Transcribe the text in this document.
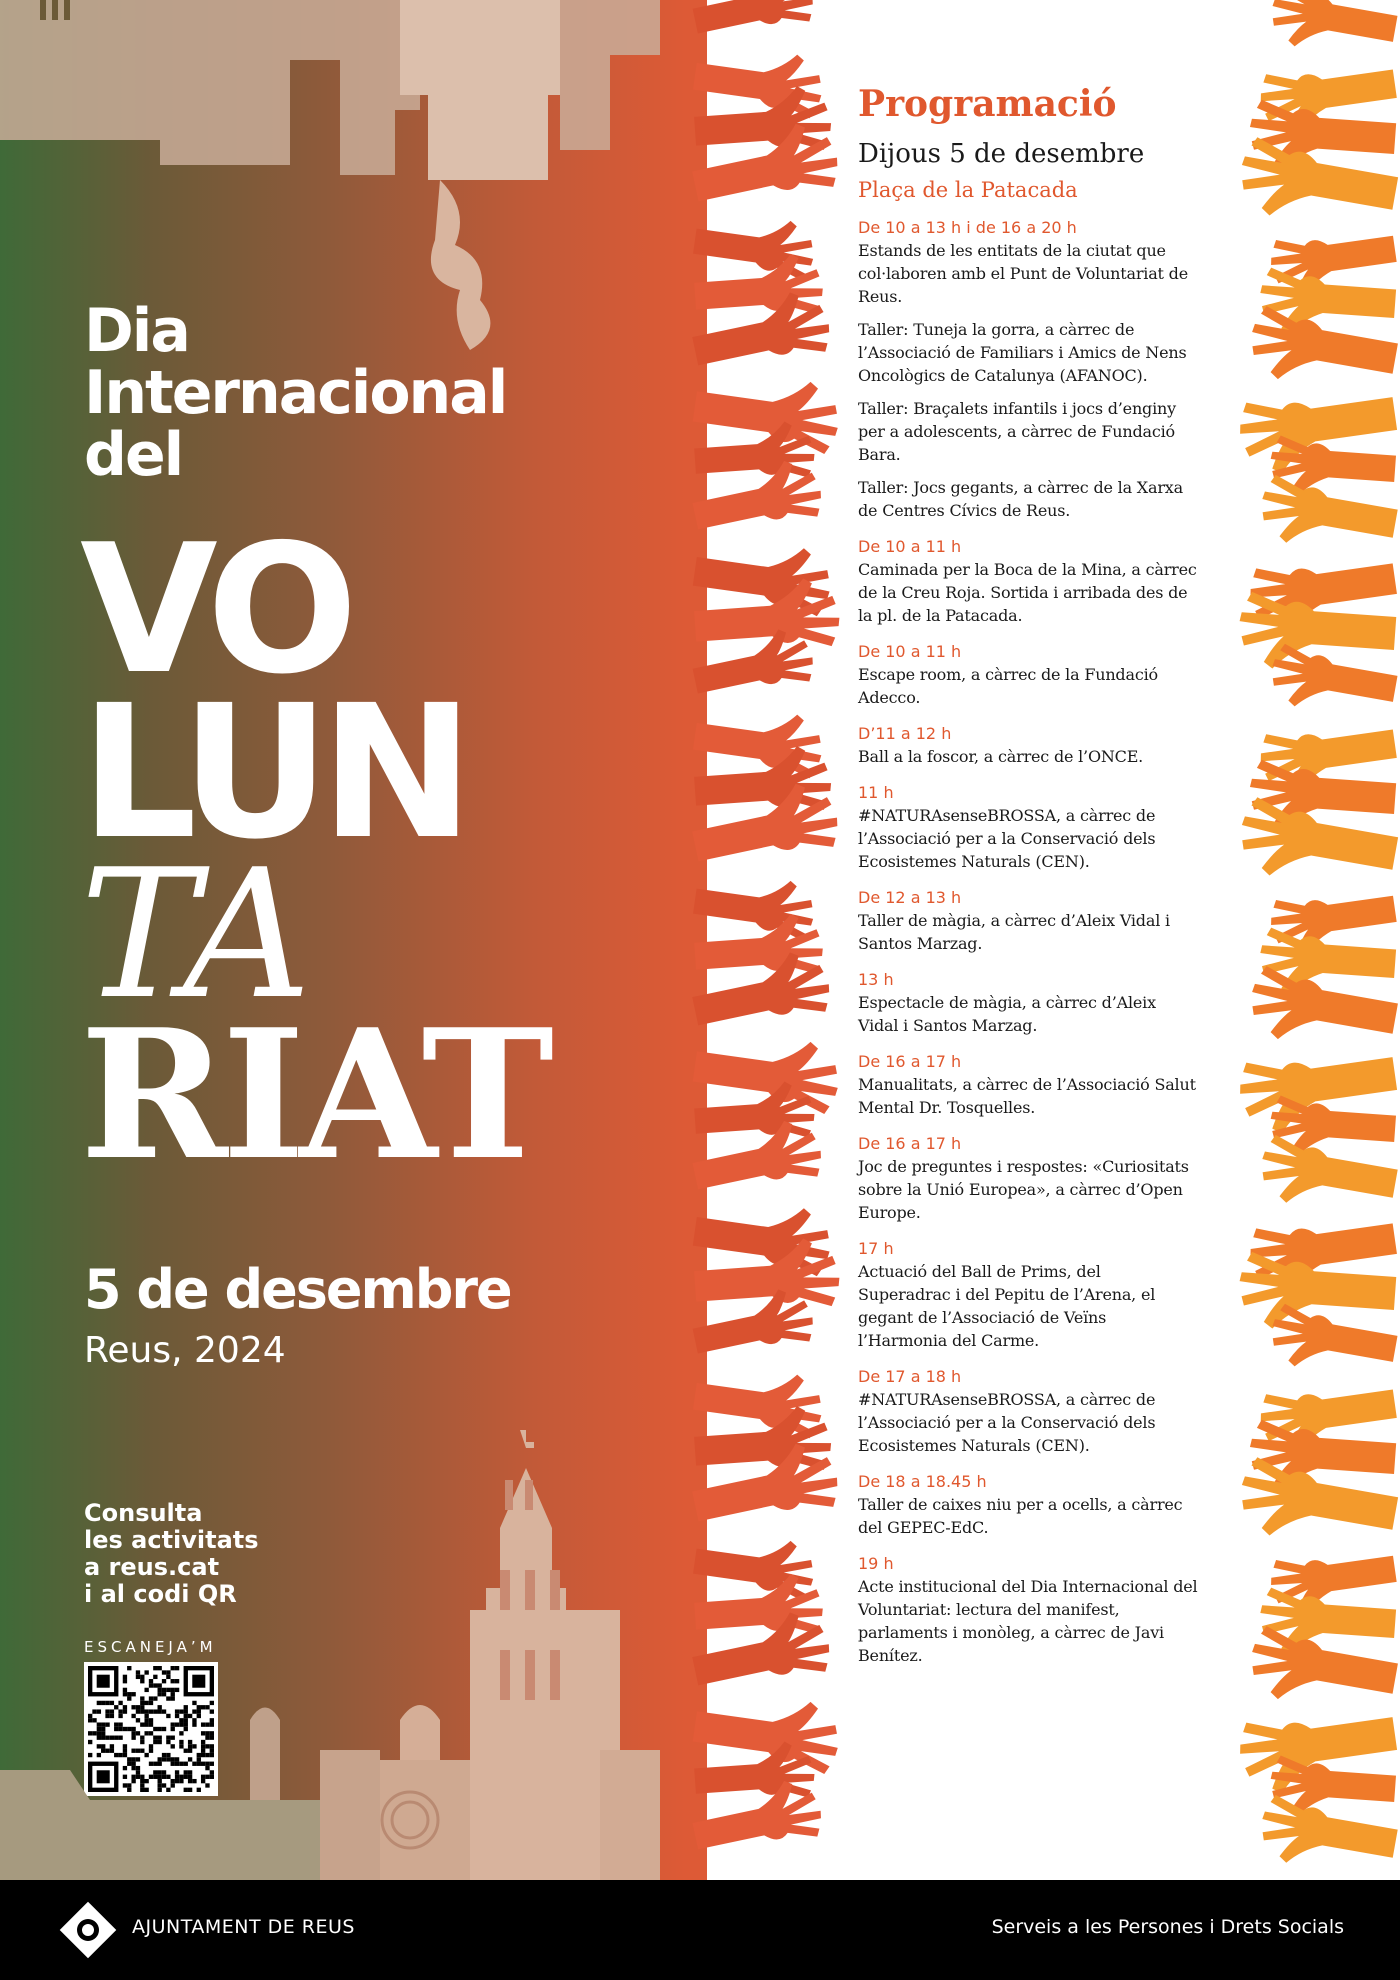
Dia
Internacional
del
VO
LUN
TA
RIAT
5 de desembre
Reus, 2024
Consulta
les activitats
a reus.cat
i al codi QR
ESCANEJA’M
Programació
Dijous 5 de desembre
Plaça de la Patacada
De 10 a 13 h i de 16 a 20 h
Estands de les entitats de la ciutat que col·laboren amb el Punt de Voluntariat de Reus.
Taller: Tuneja la gorra, a càrrec de l’Associació de Familiars i Amics de Nens Oncològics de Catalunya (AFANOC).
Taller: Braçalets infantils i jocs d’enginy per a adolescents, a càrrec de Fundació Bara.
Taller: Jocs gegants, a càrrec de la Xarxa de Centres Cívics de Reus.
De 10 a 11 h
Caminada per la Boca de la Mina, a càrrec de la Creu Roja. Sortida i arribada des de la pl. de la Patacada.
De 10 a 11 h
Escape room, a càrrec de la Fundació Adecco.
D’11 a 12 h
Ball a la foscor, a càrrec de l’ONCE.
11 h
#NATURAsenseBROSSA, a càrrec de l’Associació per a la Conservació dels Ecosistemes Naturals (CEN).
De 12 a 13 h
Taller de màgia, a càrrec d’Aleix Vidal i Santos Marzag.
13 h
Espectacle de màgia, a càrrec d’Aleix Vidal i Santos Marzag.
De 16 a 17 h
Manualitats, a càrrec de l’Associació Salut Mental Dr. Tosquelles.
De 16 a 17 h
Joc de preguntes i respostes: «Curiositats sobre la Unió Europea», a càrrec d’Open Europe.
17 h
Actuació del Ball de Prims, del Superadrac i del Pepitu de l’Arena, el gegant de l’Associació de Veïns l’Harmonia del Carme.
De 17 a 18 h
#NATURAsenseBROSSA, a càrrec de l’Associació per a la Conservació dels Ecosistemes Naturals (CEN).
De 18 a 18.45 h
Taller de caixes niu per a ocells, a càrrec del GEPEC-EdC.
19 h
Acte institucional del Dia Internacional del Voluntariat: lectura del manifest, parlaments i monòleg, a càrrec de Javi Benítez.
AJUNTAMENT DE REUS	Serveis a les Persones i Drets Socials
